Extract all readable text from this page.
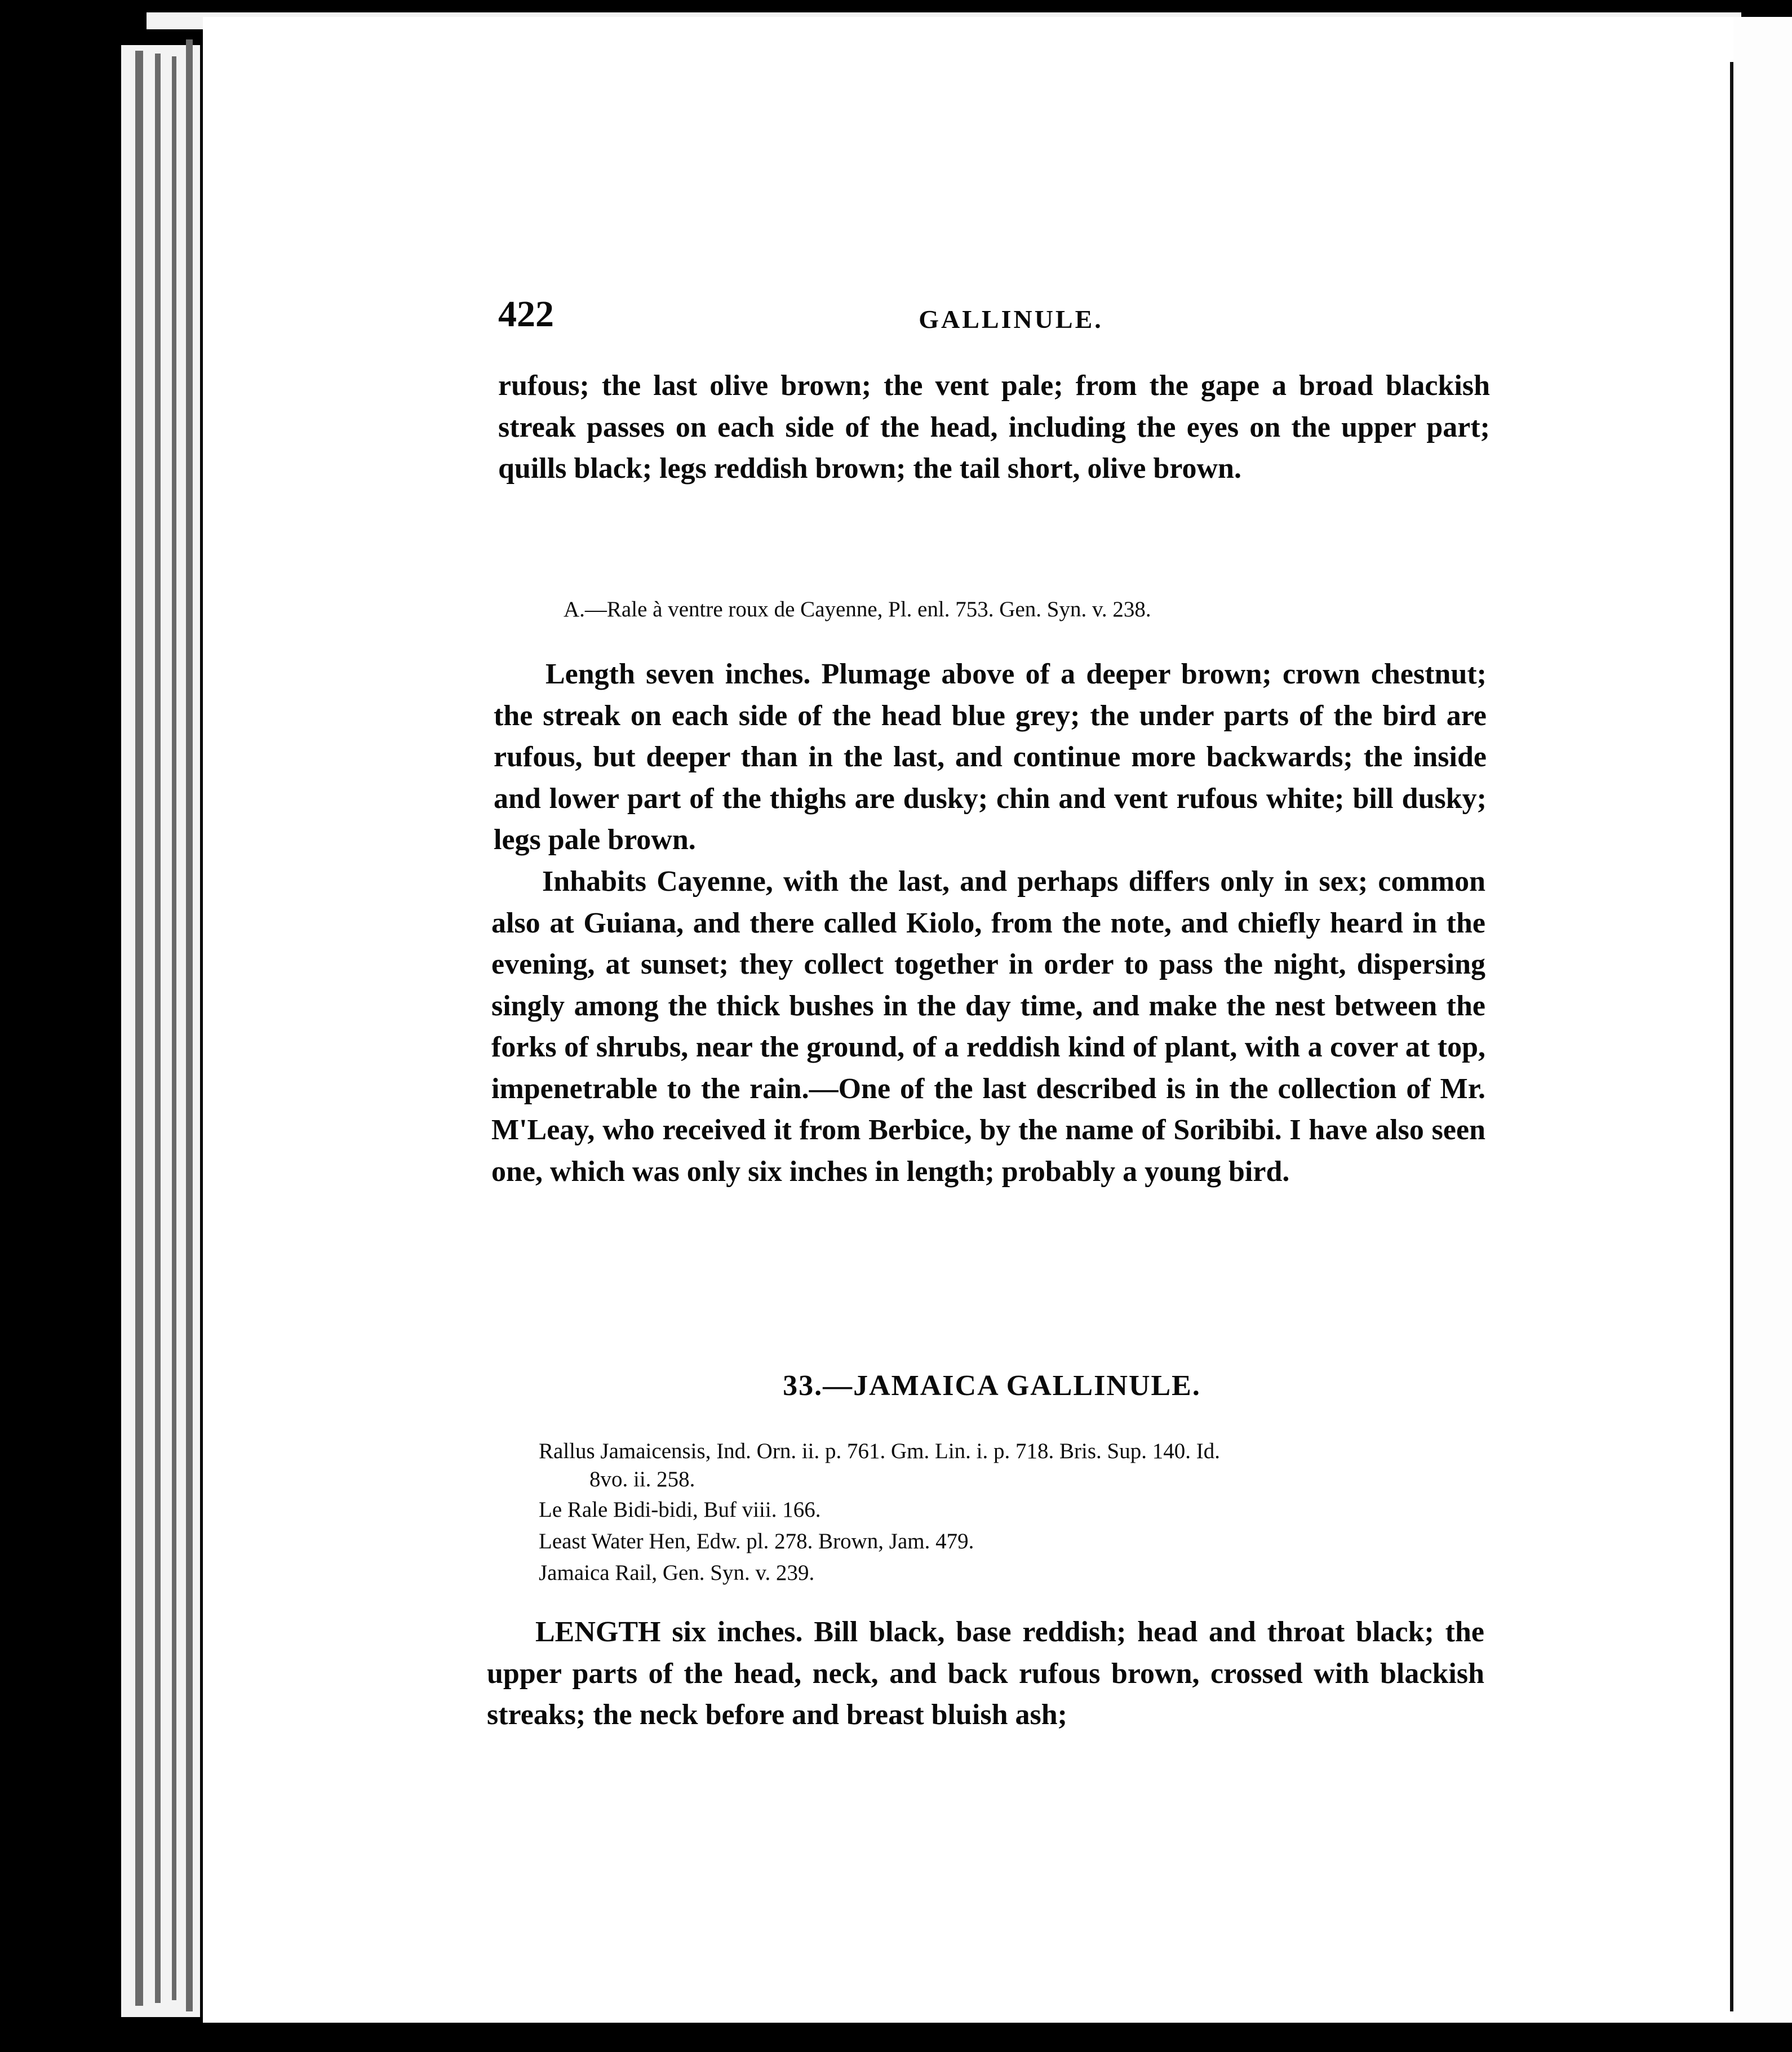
422	GALLINULE.
rufous; the last olive brown; the vent pale; from the gape a broad blackish streak passes on each side of the head, including the eyes on the upper part; quills black; legs reddish brown; the tail short, olive brown.
A.—Rale à ventre roux de Cayenne, Pl. enl. 753. Gen. Syn. v. 238.
Length seven inches. Plumage above of a deeper brown; crown chestnut; the streak on each side of the head blue grey; the under parts of the bird are rufous, but deeper than in the last, and continue more backwards; the inside and lower part of the thighs are dusky; chin and vent rufous white; bill dusky; legs pale brown.
Inhabits Cayenne, with the last, and perhaps differs only in sex; common also at Guiana, and there called Kiolo, from the note, and chiefly heard in the evening, at sunset; they collect together in order to pass the night, dispersing singly among the thick bushes in the day time, and make the nest between the forks of shrubs, near the ground, of a reddish kind of plant, with a cover at top, impenetrable to the rain.—One of the last described is in the collection of Mr. M'Leay, who received it from Berbice, by the name of Soribibi. I have also seen one, which was only six inches in length; probably a young bird.
33.—JAMAICA GALLINULE.
Rallus Jamaicensis, Ind. Orn. ii. p. 761. Gm. Lin. i. p. 718. Bris. Sup. 140. Id.
8vo. ii. 258.
Le Rale Bidi-bidi, Buf viii. 166.
Least Water Hen, Edw. pl. 278. Brown, Jam. 479.
Jamaica Rail, Gen. Syn. v. 239.
LENGTH six inches. Bill black, base reddish; head and throat black; the upper parts of the head, neck, and back rufous brown, crossed with blackish streaks; the neck before and breast bluish ash;
